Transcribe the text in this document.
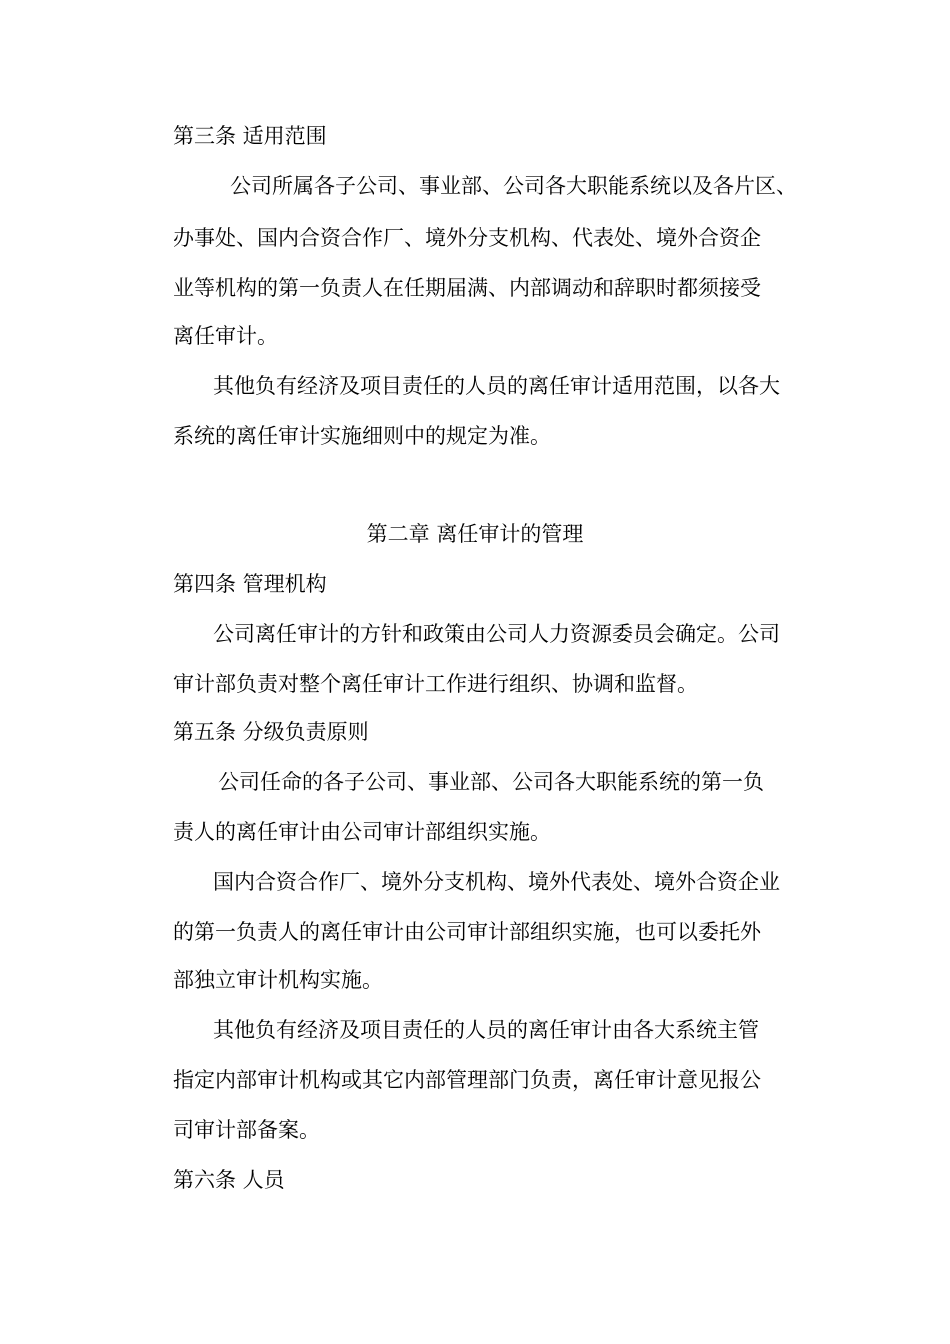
第三条 适用范围
公司所属各子公司、事业部、公司各大职能系统以及各片区、
办事处、国内合资合作厂、境外分支机构、代表处、境外合资企
业等机构的第一负责人在任期届满、内部调动和辞职时都须接受
离任审计。
其他负有经济及项目责任的人员的离任审计适用范围，以各大
系统的离任审计实施细则中的规定为准。
第二章 离任审计的管理
第四条 管理机构
公司离任审计的方针和政策由公司人力资源委员会确定。公司
审计部负责对整个离任审计工作进行组织、协调和监督。
第五条 分级负责原则
公司任命的各子公司、事业部、公司各大职能系统的第一负
责人的离任审计由公司审计部组织实施。
国内合资合作厂、境外分支机构、境外代表处、境外合资企业
的第一负责人的离任审计由公司审计部组织实施，也可以委托外
部独立审计机构实施。
其他负有经济及项目责任的人员的离任审计由各大系统主管
指定内部审计机构或其它内部管理部门负责，离任审计意见报公
司审计部备案。
第六条 人员
